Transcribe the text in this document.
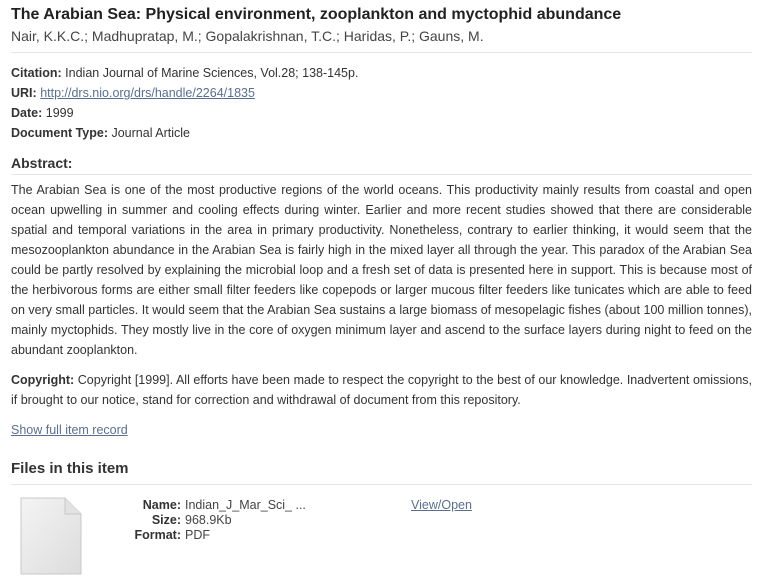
The Arabian Sea: Physical environment, zooplankton and myctophid abundance
Nair, K.K.C.; Madhupratap, M.; Gopalakrishnan, T.C.; Haridas, P.; Gauns, M.
Citation: Indian Journal of Marine Sciences, Vol.28; 138-145p.
URI: http://drs.nio.org/drs/handle/2264/1835
Date: 1999
Document Type: Journal Article
Abstract:
The Arabian Sea is one of the most productive regions of the world oceans. This productivity mainly results from coastal and open ocean upwelling in summer and cooling effects during winter. Earlier and more recent studies showed that there are considerable spatial and temporal variations in the area in primary productivity. Nonetheless, contrary to earlier thinking, it would seem that the mesozooplankton abundance in the Arabian Sea is fairly high in the mixed layer all through the year. This paradox of the Arabian Sea could be partly resolved by explaining the microbial loop and a fresh set of data is presented here in support. This is because most of the herbivorous forms are either small filter feeders like copepods or larger mucous filter feeders like tunicates which are able to feed on very small particles. It would seem that the Arabian Sea sustains a large biomass of mesopelagic fishes (about 100 million tonnes), mainly myctophids. They mostly live in the core of oxygen minimum layer and ascend to the surface layers during night to feed on the abundant zooplankton.
Copyright: Copyright [1999]. All efforts have been made to respect the copyright to the best of our knowledge. Inadvertent omissions, if brought to our notice, stand for correction and withdrawal of document from this repository.
Show full item record
Files in this item
Name: Indian_J_Mar_Sci_ ...
Size: 968.9Kb
Format: PDF
View/Open
